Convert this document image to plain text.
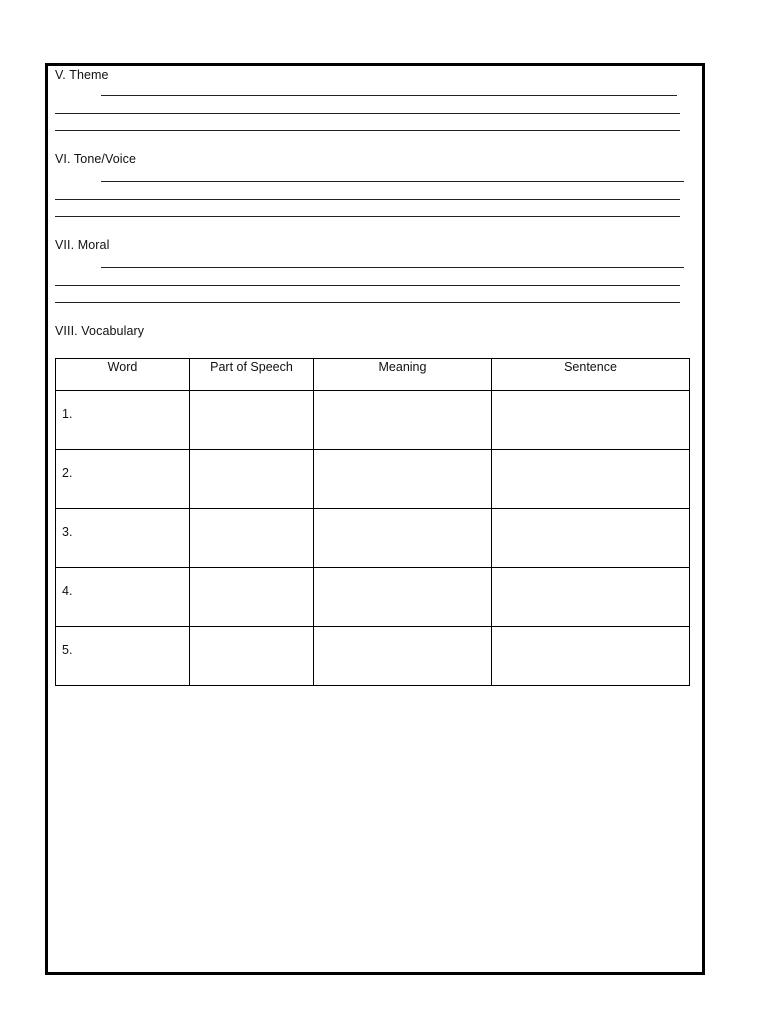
V. Theme
VI. Tone/Voice
VII. Moral
VIII. Vocabulary
Word	Part of Speech	Meaning	Sentence
1.			
2.			
3.			
4.			
5.			
